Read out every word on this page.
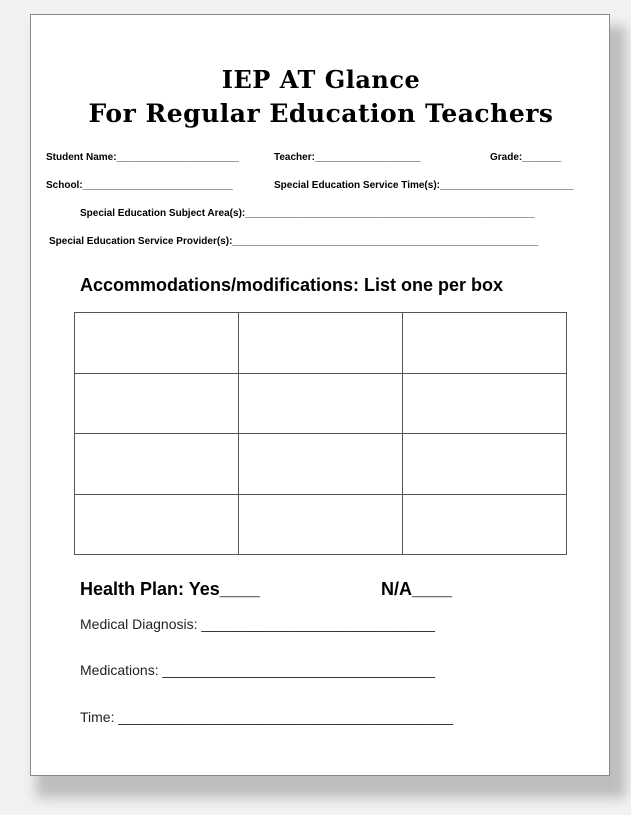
IEP AT Glance
For Regular Education Teachers
Student Name:______________________	Teacher:___________________	Grade:_______
School:___________________________	Special Education Service Time(s):________________________
Special Education Subject Area(s):____________________________________________________
Special Education Service Provider(s):_______________________________________________________
Accommodations/modifications: List one per box

Health Plan: Yes____	N/A____
Medical Diagnosis: ______________________________
Medications: ___________________________________
Time: ___________________________________________
